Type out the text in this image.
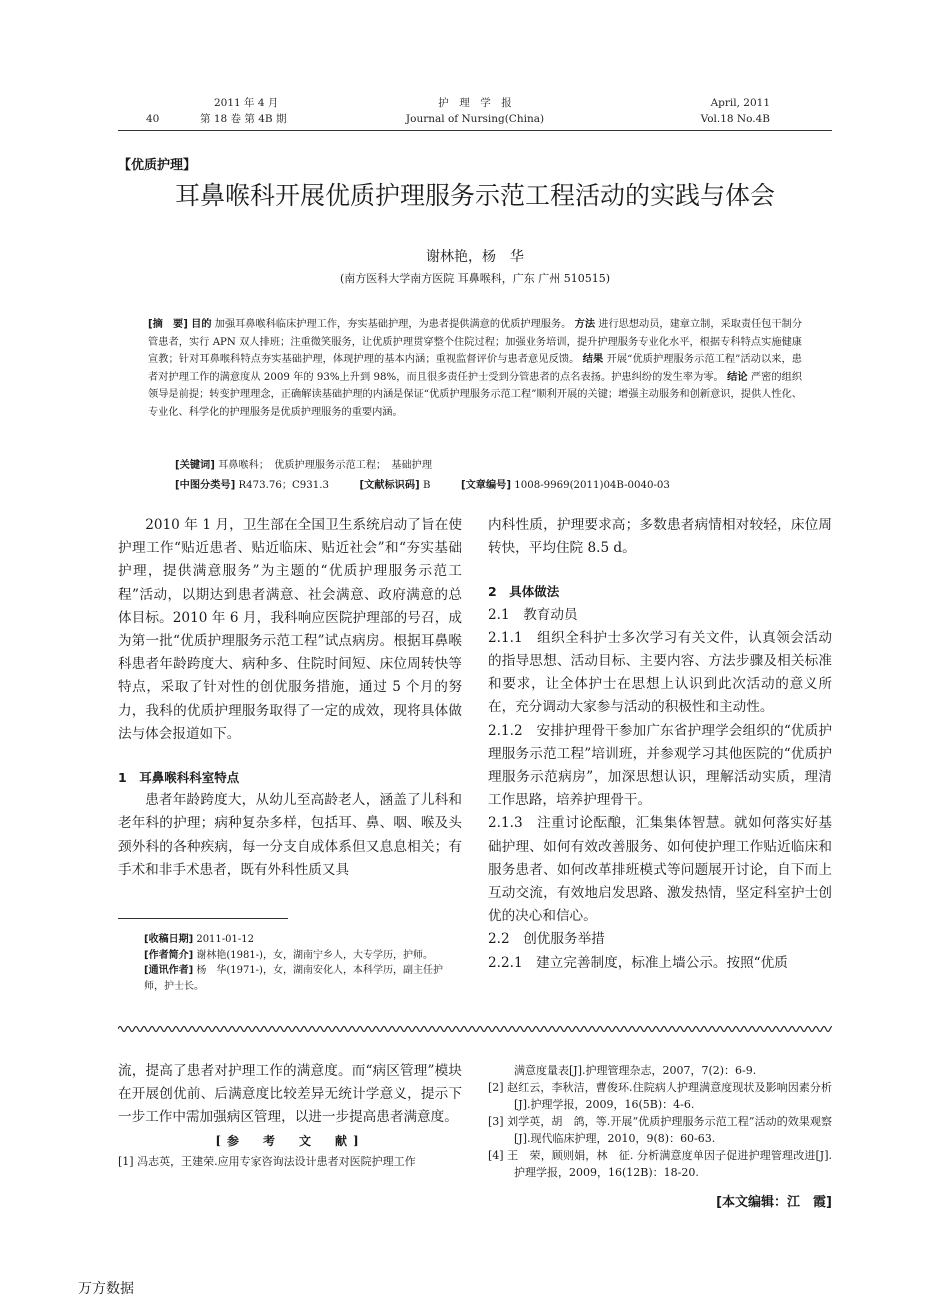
40
2011 年 4 月
第 18 卷 第 4B 期
护　理　学　报
Journal of Nursing(China)
April, 2011
Vol.18 No.4B
【优质护理】
耳鼻喉科开展优质护理服务示范工程活动的实践与体会
谢林艳，杨　华
(南方医科大学南方医院 耳鼻喉科，广东 广州 510515)
[摘　要] 目的 加强耳鼻喉科临床护理工作，夯实基础护理，为患者提供满意的优质护理服务。 方法 进行思想动员，建章立制，采取责任包干制分管患者，实行 APN 双人排班；注重微笑服务，让优质护理贯穿整个住院过程；加强业务培训，提升护理服务专业化水平，根据专科特点实施健康宣教；针对耳鼻喉科特点夯实基础护理，体现护理的基本内涵；重视监督评价与患者意见反馈。 结果 开展“优质护理服务示范工程”活动以来，患者对护理工作的满意度从 2009 年的 93%上升到 98%，而且很多责任护士受到分管患者的点名表扬。护患纠纷的发生率为零。 结论 严密的组织领导是前提；转变护理理念，正确解读基础护理的内涵是保证“优质护理服务示范工程”顺利开展的关键；增强主动服务和创新意识，提供人性化、专业化、科学化的护理服务是优质护理服务的重要内涵。
[关键词] 耳鼻喉科；　优质护理服务示范工程；　基础护理
[中图分类号] R473.76；C931.3	[文献标识码] B	[文章编号] 1008-9969(2011)04B-0040-03

2010 年 1 月，卫生部在全国卫生系统启动了旨在使护理工作“贴近患者、贴近临床、贴近社会”和“夯实基础护理，提供满意服务”为主题的“优质护理服务示范工程”活动，以期达到患者满意、社会满意、政府满意的总体目标。2010 年 6 月，我科响应医院护理部的号召，成为第一批“优质护理服务示范工程”试点病房。根据耳鼻喉科患者年龄跨度大、病种多、住院时间短、床位周转快等特点，采取了针对性的创优服务措施，通过 5 个月的努力，我科的优质护理服务取得了一定的成效，现将具体做法与体会报道如下。

1　耳鼻喉科科室特点

患者年龄跨度大，从幼儿至高龄老人，涵盖了儿科和老年科的护理；病种复杂多样，包括耳、鼻、咽、喉及头颈外科的各种疾病，每一分支自成体系但又息息相关；有手术和非手术患者，既有外科性质又具

[收稿日期] 2011-01-12

[作者简介] 谢林艳(1981-)，女，湖南宁乡人，大专学历，护师。

[通讯作者] 杨　华(1971-)，女，湖南安化人，本科学历，副主任护师，护士长。

内科性质，护理要求高；多数患者病情相对较轻，床位周转快，平均住院 8.5 d。

2　具体做法

2.1　教育动员

2.1.1　组织全科护士多次学习有关文件，认真领会活动的指导思想、活动目标、主要内容、方法步骤及相关标准和要求，让全体护士在思想上认识到此次活动的意义所在，充分调动大家参与活动的积极性和主动性。

2.1.2　安排护理骨干参加广东省护理学会组织的“优质护理服务示范工程”培训班，并参观学习其他医院的“优质护理服务示范病房”，加深思想认识，理解活动实质，理清工作思路，培养护理骨干。

2.1.3　注重讨论酝酿，汇集集体智慧。就如何落实好基础护理、如何有效改善服务、如何使护理工作贴近临床和服务患者、如何改革排班模式等问题展开讨论，自下而上互动交流，有效地启发思路、激发热情，坚定科室护士创优的决心和信心。

2.2　创优服务举措

2.2.1　建立完善制度，标准上墙公示。按照“优质

流，提高了患者对护理工作的满意度。而“病区管理”模块在开展创优前、后满意度比较差异无统计学意义，提示下一步工作中需加强病区管理，以进一步提高患者满意度。

[参　考　文　献]

[1] 冯志英，王建荣.应用专家咨询法设计患者对医院护理工作

满意度量表[J].护理管理杂志，2007，7(2)：6-9.

[2] 赵红云，李秋洁，曹俊环.住院病人护理满意度现状及影响因素分析[J].护理学报，2009，16(5B)：4-6.

[3] 刘学英，胡　鸽，等.开展“优质护理服务示范工程”活动的效果观察[J].现代临床护理，2010，9(8)：60-63.

[4] 王　荣，顾则娟，林　征. 分析满意度单因子促进护理管理改进[J].护理学报，2009，16(12B)：18-20.

[本文编辑：江　霞]
万方数据
